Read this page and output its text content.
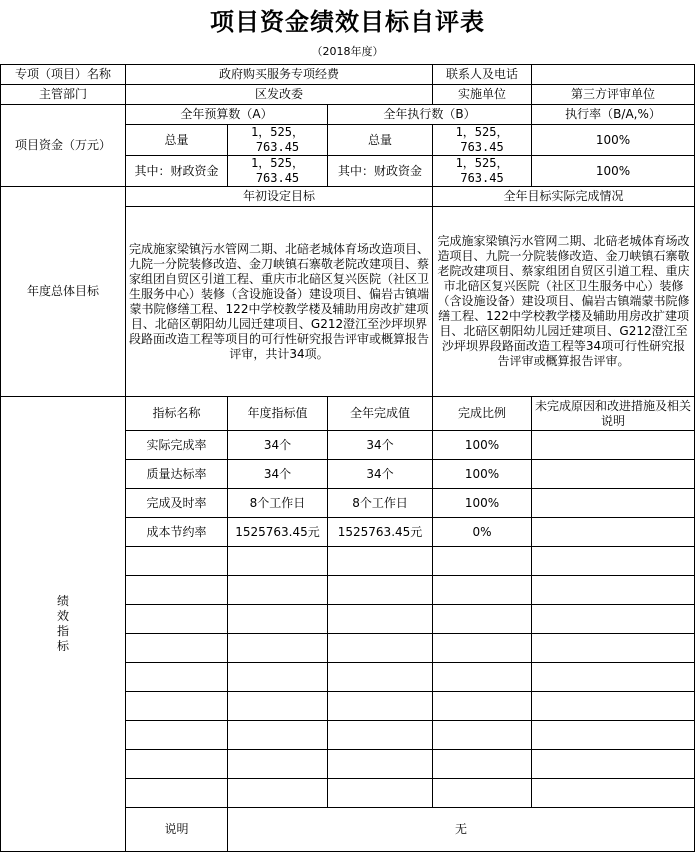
项目资金绩效目标自评表
（2018年度）
专项（项目）名称	政府购买服务专项经费			联系人及电话	
主管部门	区发改委			实施单位	第三方评审单位
项目资金（万元）	全年预算数（A）		全年执行数（B）		执行率（B/A,%）
	总量	1，525，763.45	总量	1，525，763.45	100%
	其中：财政资金	1，525，763.45	其中：财政资金	1，525，763.45	100%
年度总体目标	年初设定目标			全年目标实际完成情况	
	完成施家梁镇污水管网二期、北碚老城体育场改造项目、九院一分院装修改造、金刀峡镇石寨敬老院改建项目、蔡家组团自贸区引道工程、重庆市北碚区复兴医院（社区卫生服务中心）装修（含设施设备）建设项目、偏岩古镇端蒙书院修缮工程、122中学校教学楼及辅助用房改扩建项目、北碚区朝阳幼儿园迁建项目、G212澄江至沙坪坝界段路面改造工程等项目的可行性研究报告评审或概算报告评审，共计34项。			完成施家梁镇污水管网二期、北碚老城体育场改造项目、九院一分院装修改造、金刀峡镇石寨敬老院改建项目、蔡家组团自贸区引道工程、重庆市北碚区复兴医院（社区卫生服务中心）装修（含设施设备）建设项目、偏岩古镇端蒙书院修缮工程、122中学校教学楼及辅助用房改扩建项目、北碚区朝阳幼儿园迁建项目、G212澄江至沙坪坝界段路面改造工程等34项可行性研究报告评审或概算报告评审。	
绩
效
指
标	指标名称	年度指标值	全年完成值	完成比例	未完成原因和改进措施及相关说明
	实际完成率	34个	34个	100%	
	质量达标率	34个	34个	100%	
	完成及时率	8个工作日	8个工作日	100%	
	成本节约率	1525763.45元	1525763.45元	0%	

	说明	无			
